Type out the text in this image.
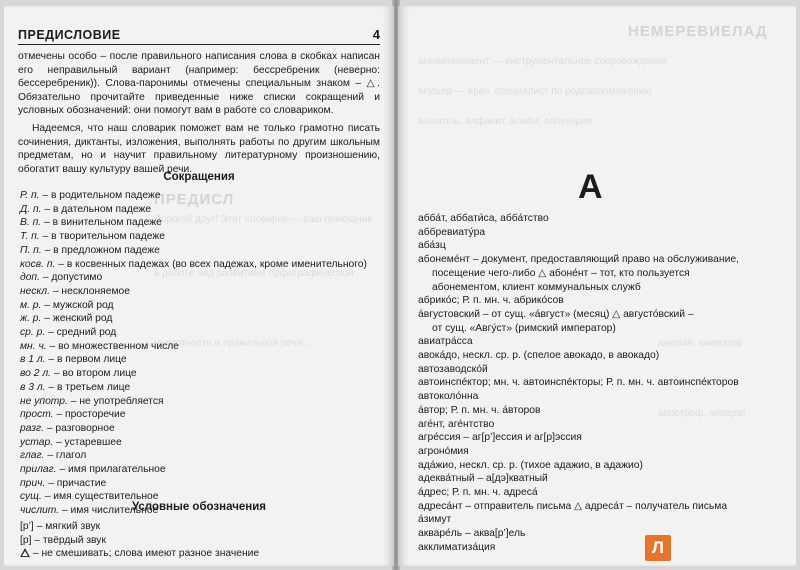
ПРЕДИСЛ
Дорогой друг! Этот словарик — ваш помощник
в работе над развитием орфографической
грамотности и правильной речи…
ПРЕДИСЛОВИЕ	4

отмечены особо – после правильного написания слова в скобках написан его неправильный вариант (например: бессребреник (неверно: бессеребреник)). Слова-паронимы отмечены специальным знаком – △. Обязательно прочитайте приведенные ниже списки сокращений и условных обозначений: они помогут вам в работе со словариком.

Надеемся, что наш словарик поможет вам не только грамотно писать сочинения, диктанты, изложения, выполнять работы по другим школьным предметам, но и научит правильному литературному произношению, обогатит вашу культуру вашей речи.

Сокращения
Р. п. – в родительном падеже
Д. п. – в дательном падеже
В. п. – в винительном падеже
Т. п. – в творительном падеже
П. п. – в предложном падеже
косв. п. – в косвенных падежах (во всех падежах, кроме именительного)
доп. – допустимо
нескл. – несклоняемое
м. р. – мужской род
ж. р. – женский род
ср. р. – средний род
мн. ч. – во множественном числе
в 1 л. – в первом лице
во 2 л. – во втором лице
в 3 л. – в третьем лице
не употр. – не употребляется
прост. – просторечие
разг. – разговорное
устар. – устаревшее
глаг. – глагол
прилаг. – имя прилагательное
прич. – причастие
сущ. – имя существительное
числит. – имя числительное
Условные обозначения
[р’] – мягкий звук
[р] – твёрдый звук
– не смешивать; слова имеют разное значение
НЕМЕРЕВИЕЛАД
аккомпанемент — инструментальное сопровождение
акушер — врач, специалист по родовспоможению
алкоголь, алфавит, алиби, аллегория
анемия, аниматор
апостроф, аппарат
А
абба́т, аббати́са, абба́тство
аббревиату́ра
аба́зц
абонеме́нт – документ, предоставляющий право на обслуживание,
посещение чего-либо △ абоне́нт – тот, кто пользуется
абонементом, клиент коммунальных служб
абрико́с; Р. п. мн. ч. абрико́сов
а́вгустовский – от сущ. «а́вгуст» (месяц) △ августо́вский –
от сущ. «Авгу́ст» (римский император)
авиатра́сса
авока́до, нескл. ср. р. (спелое авокадо, в авокадо)
автозаводско́й
автоинспе́ктор; мн. ч. автоинспе́кторы; Р. п. мн. ч. автоинспе́кторов
автоколо́нна
а́втор; Р. п. мн. ч. а́второв
аге́нт, аге́нтство
агре́ссия – аг[р’]ессия и аг[р]эссия
агроно́мия
ада́жио, нескл. ср. р. (тихое адажио, в адажио)
адеква́тный – а[дэ]кватный
а́дрес; Р. п. мн. ч. адреса́
адреса́нт – отправитель письма △ адреса́т – получатель письма
а́зимут
акваре́ль – аква[р’]ель
акклиматиза́ция	Л
